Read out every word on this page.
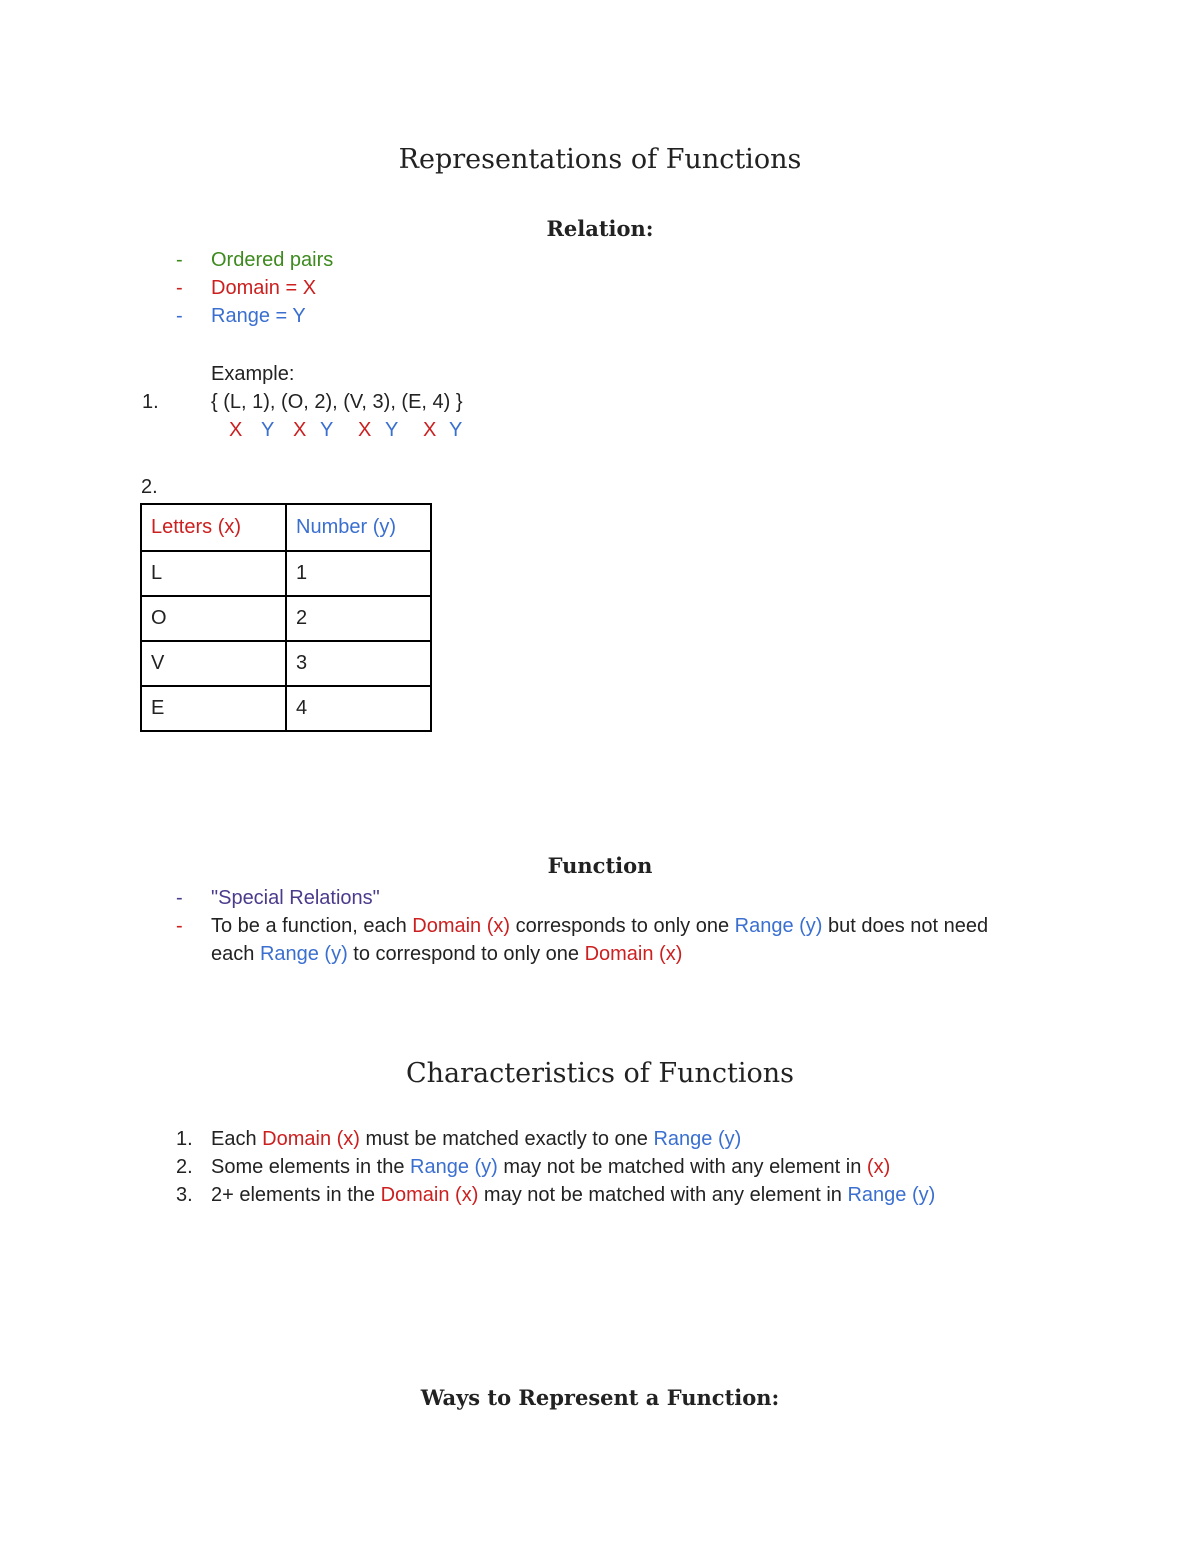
Representations of Functions
Relation:
- Ordered pairs
- Domain = X
- Range = Y
Example:
1.	{ (L, 1), (O, 2), (V, 3), (E, 4) }
X Y X Y X Y X Y
2.
Letters (x)	Number (y)
L	1
O	2
V	3
E	4
Function
- "Special Relations"
- To be a function, each Domain (x) corresponds to only one Range (y) but does not need
each Range (y) to correspond to only one Domain (x)
Characteristics of Functions
1. Each Domain (x) must be matched exactly to one Range (y)
2. Some elements in the Range (y) may not be matched with any element in (x)
3. 2+ elements in the Domain (x) may not be matched with any element in Range (y)
Ways to Represent a Function:
